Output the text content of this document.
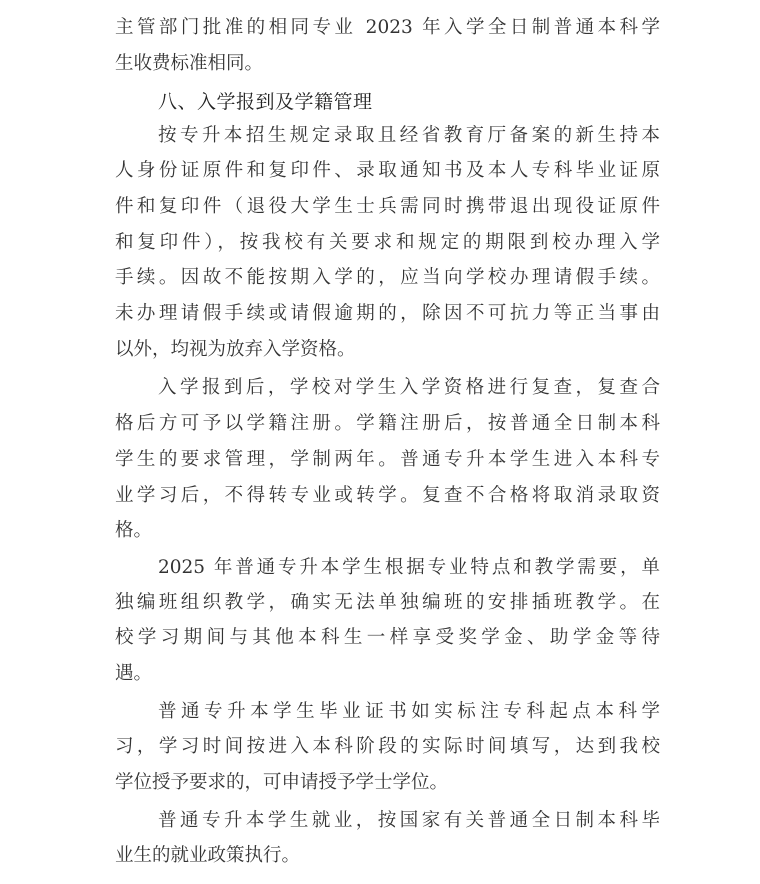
主管部门批准的相同专业 2023 年入学全日制普通本科学
生收费标准相同。
八、入学报到及学籍管理
按专升本招生规定录取且经省教育厅备案的新生持本
人身份证原件和复印件、录取通知书及本人专科毕业证原
件和复印件（退役大学生士兵需同时携带退出现役证原件
和复印件），按我校有关要求和规定的期限到校办理入学
手续。因故不能按期入学的，应当向学校办理请假手续。
未办理请假手续或请假逾期的，除因不可抗力等正当事由
以外，均视为放弃入学资格。
入学报到后，学校对学生入学资格进行复查，复查合
格后方可予以学籍注册。学籍注册后，按普通全日制本科
学生的要求管理，学制两年。普通专升本学生进入本科专
业学习后，不得转专业或转学。复查不合格将取消录取资
格。
2025 年普通专升本学生根据专业特点和教学需要，单
独编班组织教学，确实无法单独编班的安排插班教学。在
校学习期间与其他本科生一样享受奖学金、助学金等待
遇。
普通专升本学生毕业证书如实标注专科起点本科学
习，学习时间按进入本科阶段的实际时间填写，达到我校
学位授予要求的，可申请授予学士学位。
普通专升本学生就业，按国家有关普通全日制本科毕
业生的就业政策执行。
